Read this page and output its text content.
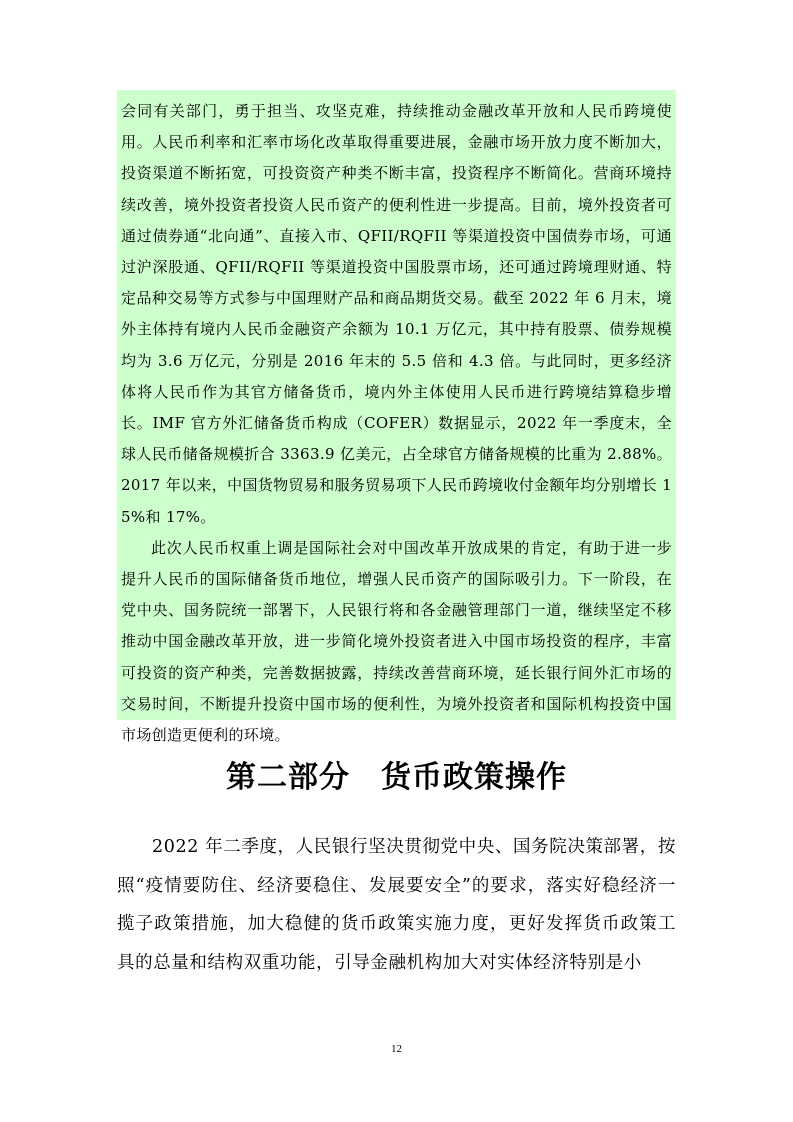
会同有关部门，勇于担当、攻坚克难，持续推动金融改革开放和人民币跨境使用。人民币利率和汇率市场化改革取得重要进展，金融市场开放力度不断加大，投资渠道不断拓宽，可投资资产种类不断丰富，投资程序不断简化。营商环境持续改善，境外投资者投资人民币资产的便利性进一步提高。目前，境外投资者可通过债券通“北向通”、直接入市、QFII/RQFII 等渠道投资中国债券市场，可通过沪深股通、QFII/RQFII 等渠道投资中国股票市场，还可通过跨境理财通、特定品种交易等方式参与中国理财产品和商品期货交易。截至 2022 年 6 月末，境外主体持有境内人民币金融资产余额为 10.1 万亿元，其中持有股票、债券规模均为 3.6 万亿元，分别是 2016 年末的 5.5 倍和 4.3 倍。与此同时，更多经济体将人民币作为其官方储备货币，境内外主体使用人民币进行跨境结算稳步增长。IMF 官方外汇储备货币构成（COFER）数据显示，2022 年一季度末，全球人民币储备规模折合 3363.9 亿美元，占全球官方储备规模的比重为 2.88%。2017 年以来，中国货物贸易和服务贸易项下人民币跨境收付金额年均分别增长 15%和 17%。

此次人民币权重上调是国际社会对中国改革开放成果的肯定，有助于进一步提升人民币的国际储备货币地位，增强人民币资产的国际吸引力。下一阶段，在党中央、国务院统一部署下，人民银行将和各金融管理部门一道，继续坚定不移推动中国金融改革开放，进一步简化境外投资者进入中国市场投资的程序，丰富可投资的资产种类，完善数据披露，持续改善营商环境，延长银行间外汇市场的交易时间，不断提升投资中国市场的便利性，为境外投资者和国际机构投资中国市场创造更便利的环境。

第二部分　货币政策操作

2022 年二季度，人民银行坚决贯彻党中央、国务院决策部署，按照“疫情要防住、经济要稳住、发展要安全”的要求，落实好稳经济一揽子政策措施，加大稳健的货币政策实施力度，更好发挥货币政策工具的总量和结构双重功能，引导金融机构加大对实体经济特别是小

12
